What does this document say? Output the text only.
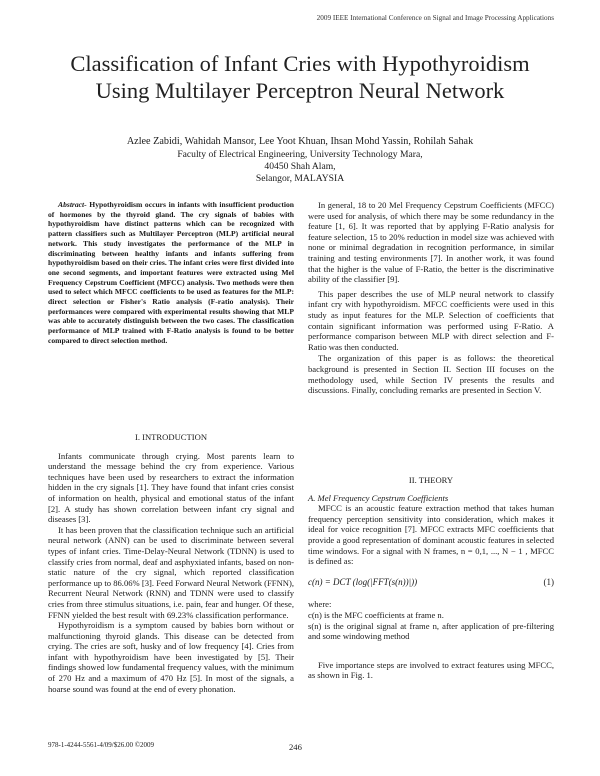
2009 IEEE International Conference on Signal and Image Processing Applications
Classification of Infant Cries with Hypothyroidism
Using Multilayer Perceptron Neural Network
Azlee Zabidi, Wahidah Mansor, Lee Yoot Khuan, Ihsan Mohd Yassin, Rohilah Sahak
Faculty of Electrical Engineering, University Technology Mara,
40450 Shah Alam,
Selangor, MALAYSIA

Abstract- Hypothyroidism occurs in infants with insufficient production of hormones by the thyroid gland. The cry signals of babies with hypothyroidism have distinct patterns which can be recognized with pattern classifiers such as Multilayer Perceptron (MLP) artificial neural network. This study investigates the performance of the MLP in discriminating between healthy infants and infants suffering from hypothyroidism based on their cries. The infant cries were first divided into one second segments, and important features were extracted using Mel Frequency Cepstrum Coefficient (MFCC) analysis. Two methods were then used to select which MFCC coefficients to be used as features for the MLP: direct selection or Fisher's Ratio analysis (F-ratio analysis). Their performances were compared with experimental results showing that MLP was able to accurately distinguish between the two cases. The classification performance of MLP trained with F-Ratio analysis is found to be better compared to direct selection method.

I. INTRODUCTION

Infants communicate through crying. Most parents learn to understand the message behind the cry from experience. Various techniques have been used by researchers to extract the information hidden in the cry signals [1]. They have found that infant cries consist of information on health, physical and emotional status of the infant [2]. A study has shown correlation between infant cry signal and diseases [3].

It has been proven that the classification technique such an artificial neural network (ANN) can be used to discriminate between several types of infant cries. Time-Delay-Neural Network (TDNN) is used to classify cries from normal, deaf and asphyxiated infants, based on non-static nature of the cry signal, which reported classification performance up to 86.06% [3]. Feed Forward Neural Network (FFNN), Recurrent Neural Network (RNN) and TDNN were used to classify cries from three stimulus situations, i.e. pain, fear and hunger. Of these, FFNN yielded the best result with 69.23% classification performance.

Hypothyroidism is a symptom caused by babies born without or malfunctioning thyroid glands. This disease can be detected from crying. The cries are soft, husky and of low frequency [4]. Cries from infant with hypothyroidism have been investigated by [5]. Their findings showed low fundamental frequency values, with the minimum of 270 Hz and a maximum of 470 Hz [5]. In most of the signals, a hoarse sound was found at the end of every phonation.

In general, 18 to 20 Mel Frequency Cepstrum Coefficients (MFCC) were used for analysis, of which there may be some redundancy in the feature [1, 6]. It was reported that by applying F-Ratio analysis for feature selection, 15 to 20% reduction in model size was achieved with none or minimal degradation in recognition performance, in similar training and testing environments [7]. In another work, it was found that the higher is the value of F-Ratio, the better is the discriminative ability of the classifier [9].

This paper describes the use of MLP neural network to classify infant cry with hypothyroidism. MFCC coefficients were used in this study as input features for the MLP. Selection of coefficients that contain significant information was performed using F-Ratio. A performance comparison between MLP with direct selection and F-Ratio was then conducted.

The organization of this paper is as follows: the theoretical background is presented in Section II. Section III focuses on the methodology used, while Section IV presents the results and discussions. Finally, concluding remarks are presented in Section V.

II. THEORY
A. Mel Frequency Cepstrum Coefficients

MFCC is an acoustic feature extraction method that takes human frequency perception sensitivity into consideration, which makes it ideal for voice recognition [7]. MFCC extracts MFC coefficients that provide a good representation of dominant acoustic features in selected time windows. For a signal with N frames, n = 0,1, ..., N − 1 , MFCC is defined as:

c(n) = DCT (log(|FFT(s(n))|))	(1)

where:

c(n) is the MFC coefficients at frame n.

s(n) is the original signal at frame n, after application of pre-filtering and some windowing method

Five importance steps are involved to extract features using MFCC, as shown in Fig. 1.

978-1-4244-5561-4/09/$26.00 ©2009	246
